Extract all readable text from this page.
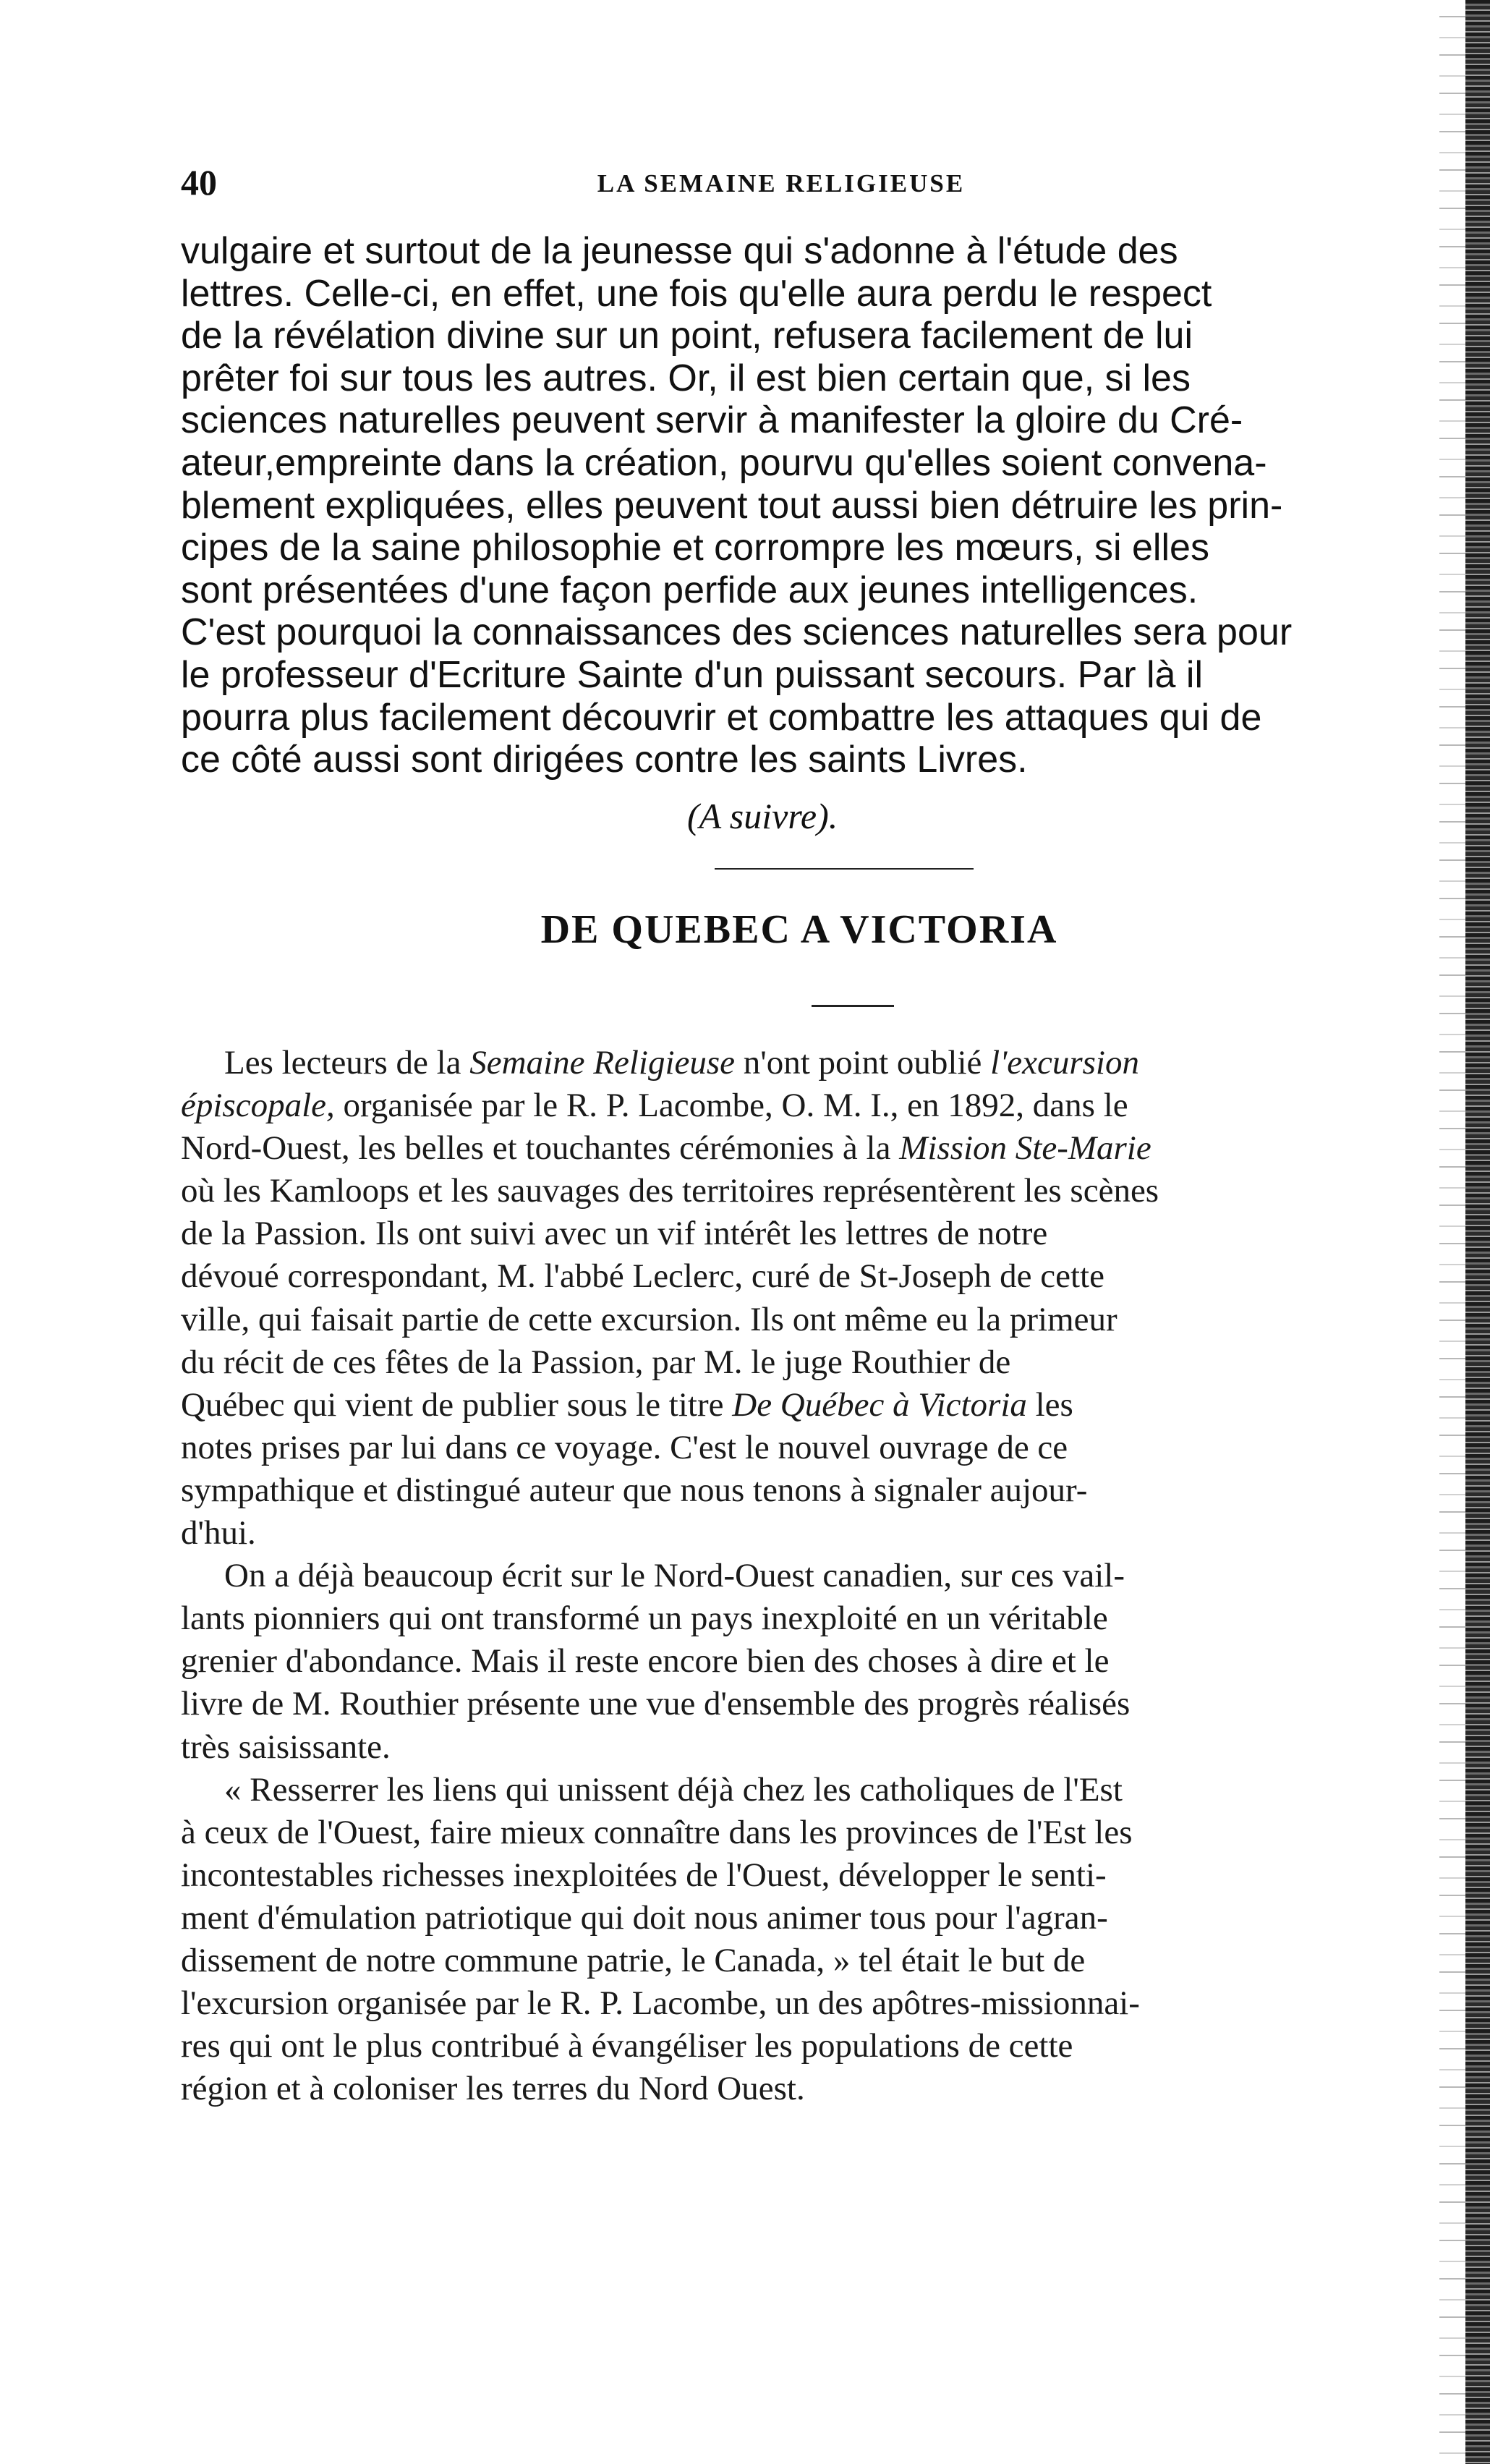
40	LA SEMAINE RELIGIEUSE
vulgaire et surtout de la jeunesse qui s'adonne à l'étude des
lettres. Celle-ci, en effet, une fois qu'elle aura perdu le respect
de la révélation divine sur un point, refusera facilement de lui
prêter foi sur tous les autres. Or, il est bien certain que, si les
sciences naturelles peuvent servir à manifester la gloire du Cré-
ateur,empreinte dans la création, pourvu qu'elles soient convena-
blement expliquées, elles peuvent tout aussi bien détruire les prin-
cipes de la saine philosophie et corrompre les mœurs, si elles
sont présentées d'une façon perfide aux jeunes intelligences.
C'est pourquoi la connaissances des sciences naturelles sera pour
le professeur d'Ecriture Sainte d'un puissant secours. Par là il
pourra plus facilement découvrir et combattre les attaques qui de
ce côté aussi sont dirigées contre les saints Livres.
(A suivre).
DE QUEBEC A VICTORIA
Les lecteurs de la Semaine Religieuse n'ont point oublié l'excursion
épiscopale, organisée par le R. P. Lacombe, O. M. I., en 1892, dans le
Nord-Ouest, les belles et touchantes cérémonies à la Mission Ste-Marie
où les Kamloops et les sauvages des territoires représentèrent les scènes
de la Passion. Ils ont suivi avec un vif intérêt les lettres de notre
dévoué correspondant, M. l'abbé Leclerc, curé de St-Joseph de cette
ville, qui faisait partie de cette excursion. Ils ont même eu la primeur
du récit de ces fêtes de la Passion, par M. le juge Routhier de
Québec qui vient de publier sous le titre De Québec à Victoria les
notes prises par lui dans ce voyage. C'est le nouvel ouvrage de ce
sympathique et distingué auteur que nous tenons à signaler aujour-
d'hui.
On a déjà beaucoup écrit sur le Nord-Ouest canadien, sur ces vail-
lants pionniers qui ont transformé un pays inexploité en un véritable
grenier d'abondance. Mais il reste encore bien des choses à dire et le
livre de M. Routhier présente une vue d'ensemble des progrès réalisés
très saisissante.
« Resserrer les liens qui unissent déjà chez les catholiques de l'Est
à ceux de l'Ouest, faire mieux connaître dans les provinces de l'Est les
incontestables richesses inexploitées de l'Ouest, développer le senti-
ment d'émulation patriotique qui doit nous animer tous pour l'agran-
dissement de notre commune patrie, le Canada, » tel était le but de
l'excursion organisée par le R. P. Lacombe, un des apôtres-missionnai-
res qui ont le plus contribué à évangéliser les populations de cette
région et à coloniser les terres du Nord Ouest.
